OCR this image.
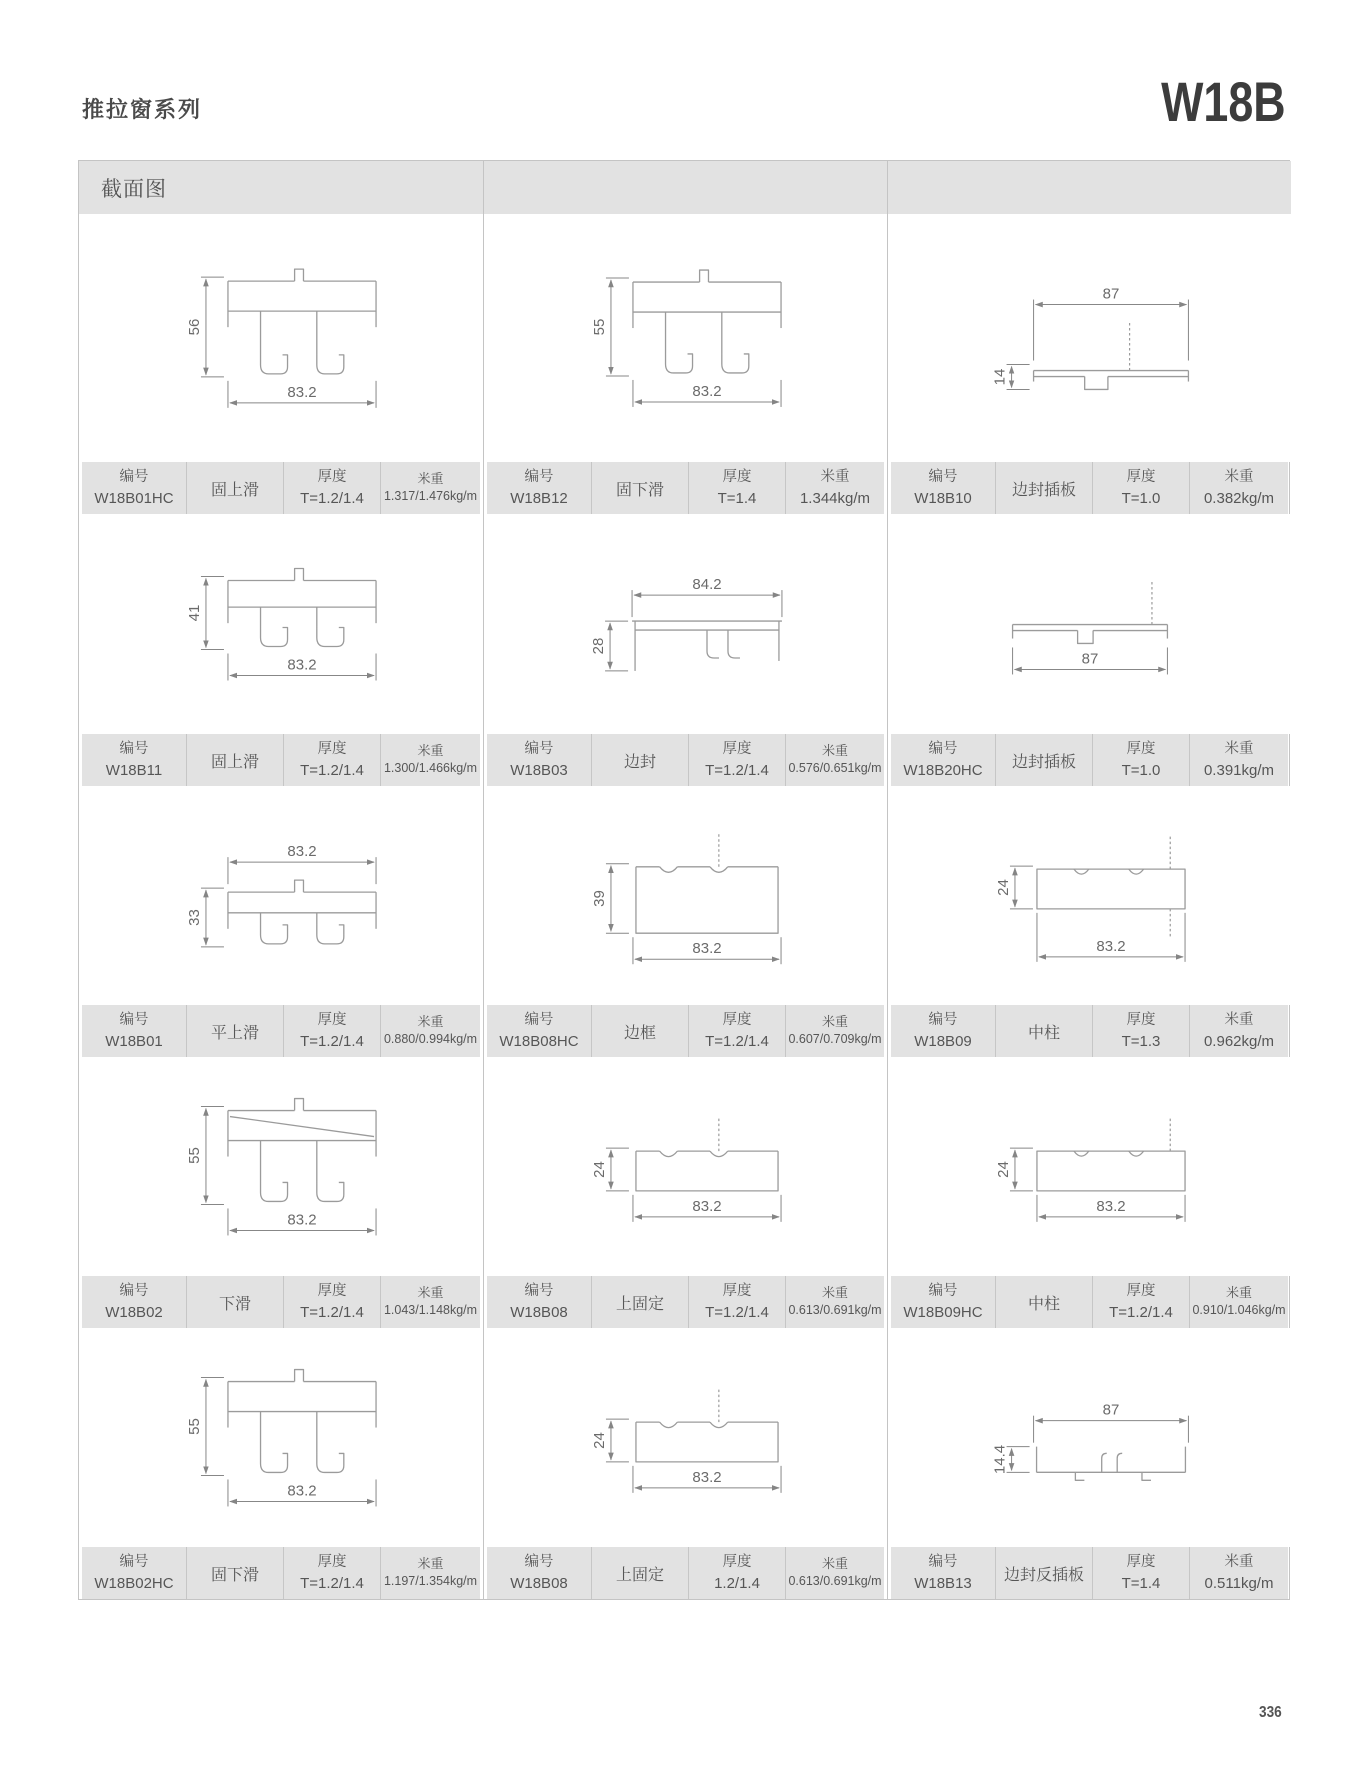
推拉窗系列	W18B
截面图
56
83.2
编号
W18B01HC 固上滑
厚度
T=1.2/1.4
米重
1.317/1.476kg/m
41
83.2
编号
W18B11	固上滑
厚度
T=1.2/1.4
米重
1.300/1.466kg/m
83.2
33
编号
W18B01	平上滑
厚度
T=1.2/1.4
米重
0.880/0.994kg/m
55
83.2
编号
W18B02	下滑
厚度
T=1.2/1.4
米重
1.043/1.148kg/m
55
83.2
编号
W18B02HC 固下滑
厚度
T=1.2/1.4
米重
1.197/1.354kg/m
55
83.2
编号
W18B12	固下滑
厚度
T=1.4
米重
1.344kg/m
84.2
28
编号
W18B03	边封
厚度
T=1.2/1.4
米重
0.576/0.651kg/m
39
83.2
编号
W18B08HC	边框
厚度
T=1.2/1.4
米重
0.607/0.709kg/m
24
83.2
编号
W18B08	上固定
厚度
T=1.2/1.4
米重
0.613/0.691kg/m
24
83.2
编号
W18B08	上固定
厚度
1.2/1.4
米重
0.613/0.691kg/m
87
14
编号
W18B10	边封插板
厚度
T=1.0
米重
0.382kg/m
87
编号
W18B20HC 边封插板
厚度
T=1.0
米重
0.391kg/m
24
83.2
编号
W18B09	中柱
厚度
T=1.3
米重
0.962kg/m
24
83.2
编号
W18B09HC	中柱
厚度
T=1.2/1.4
米重
0.910/1.046kg/m
87
14.4
编号
W18B13 边封反插板
厚度
T=1.4
米重
0.511kg/m
336
